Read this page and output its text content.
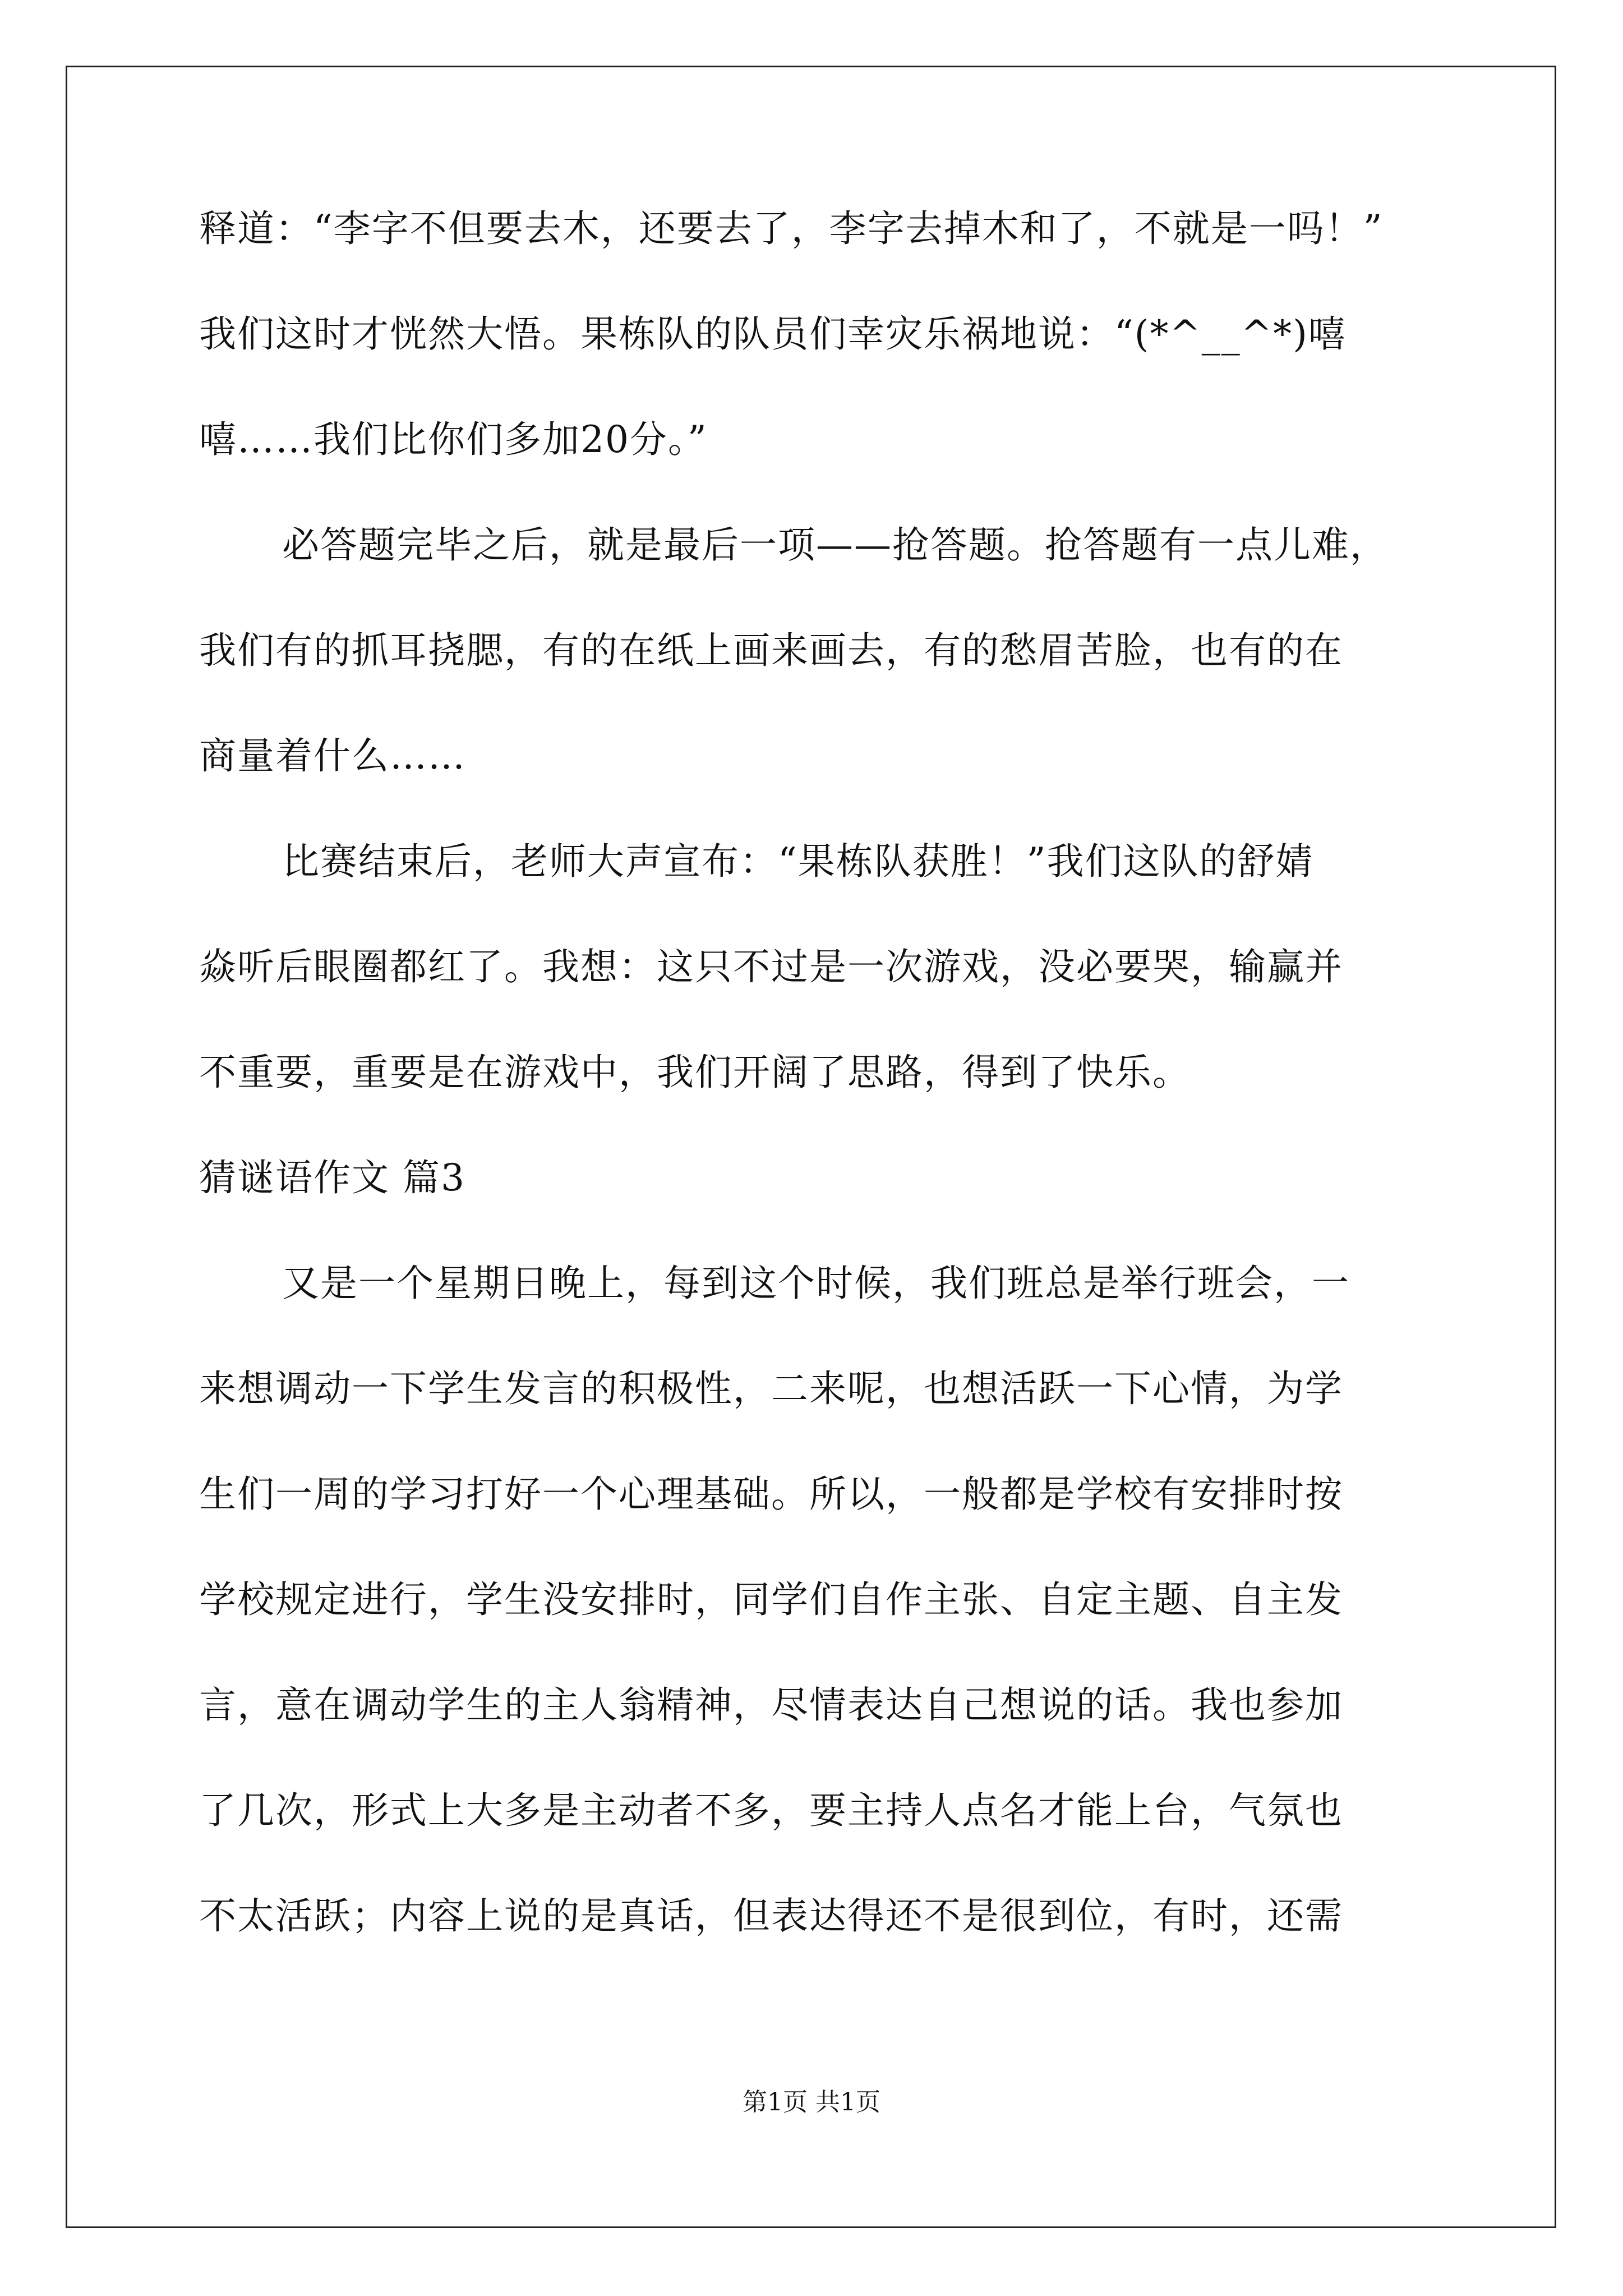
释道：“李字不但要去木，还要去了，李字去掉木和了，不就是一吗！”
我们这时才恍然大悟。果栋队的队员们幸灾乐祸地说：“(*^__^*)嘻
嘻……我们比你们多加20分。”
必答题完毕之后，就是最后一项——抢答题。抢答题有一点儿难，
我们有的抓耳挠腮，有的在纸上画来画去，有的愁眉苦脸，也有的在
商量着什么……
比赛结束后，老师大声宣布：“果栋队获胜！”我们这队的舒婧
焱听后眼圈都红了。我想：这只不过是一次游戏，没必要哭，输赢并
不重要，重要是在游戏中，我们开阔了思路，得到了快乐。
猜谜语作文 篇3
又是一个星期日晚上，每到这个时候，我们班总是举行班会，一
来想调动一下学生发言的积极性，二来呢，也想活跃一下心情，为学
生们一周的学习打好一个心理基础。所以，一般都是学校有安排时按
学校规定进行，学生没安排时，同学们自作主张、自定主题、自主发
言，意在调动学生的主人翁精神，尽情表达自己想说的话。我也参加
了几次，形式上大多是主动者不多，要主持人点名才能上台，气氛也
不太活跃；内容上说的是真话，但表达得还不是很到位，有时，还需
第1页 共1页
